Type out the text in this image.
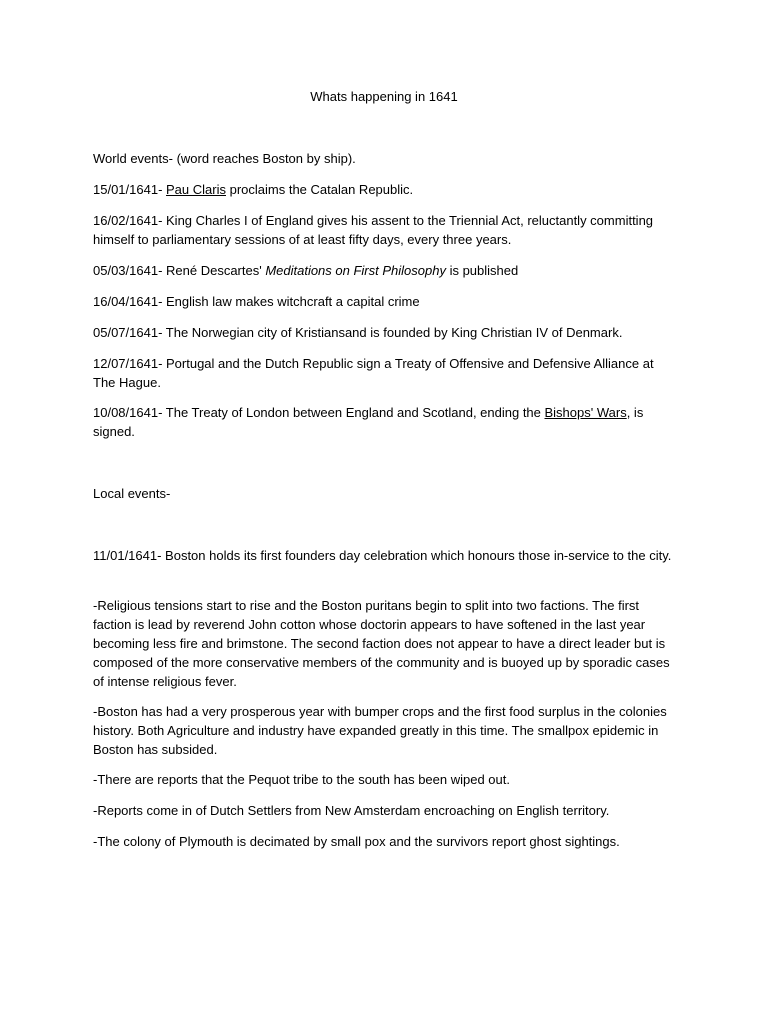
Whats happening in 1641

World events- (word reaches Boston by ship).

15/01/1641- Pau Claris proclaims the Catalan Republic.

16/02/1641- King Charles I of England gives his assent to the Triennial Act, reluctantly committing himself to parliamentary sessions of at least fifty days, every three years.

05/03/1641- René Descartes' Meditations on First Philosophy is published

16/04/1641- English law makes witchcraft a capital crime

05/07/1641- The Norwegian city of Kristiansand is founded by King Christian IV of Denmark.

12/07/1641- Portugal and the Dutch Republic sign a Treaty of Offensive and Defensive Alliance at The Hague.

10/08/1641- The Treaty of London between England and Scotland, ending the Bishops' Wars, is signed.

Local events-

11/01/1641- Boston holds its first founders day celebration which honours those in-service to the city.

-Religious tensions start to rise and the Boston puritans begin to split into two factions. The first faction is lead by reverend John cotton whose doctorin appears to have softened in the last year becoming less fire and brimstone. The second faction does not appear to have a direct leader but is composed of the more conservative members of the community and is buoyed up by sporadic cases of intense religious fever.

-Boston has had a very prosperous year with bumper crops and the first food surplus in the colonies history. Both Agriculture and industry have expanded greatly in this time. The smallpox epidemic in Boston has subsided.

-There are reports that the Pequot tribe to the south has been wiped out.

-Reports come in of Dutch Settlers from New Amsterdam encroaching on English territory.

-The colony of Plymouth is decimated by small pox and the survivors report ghost sightings.
